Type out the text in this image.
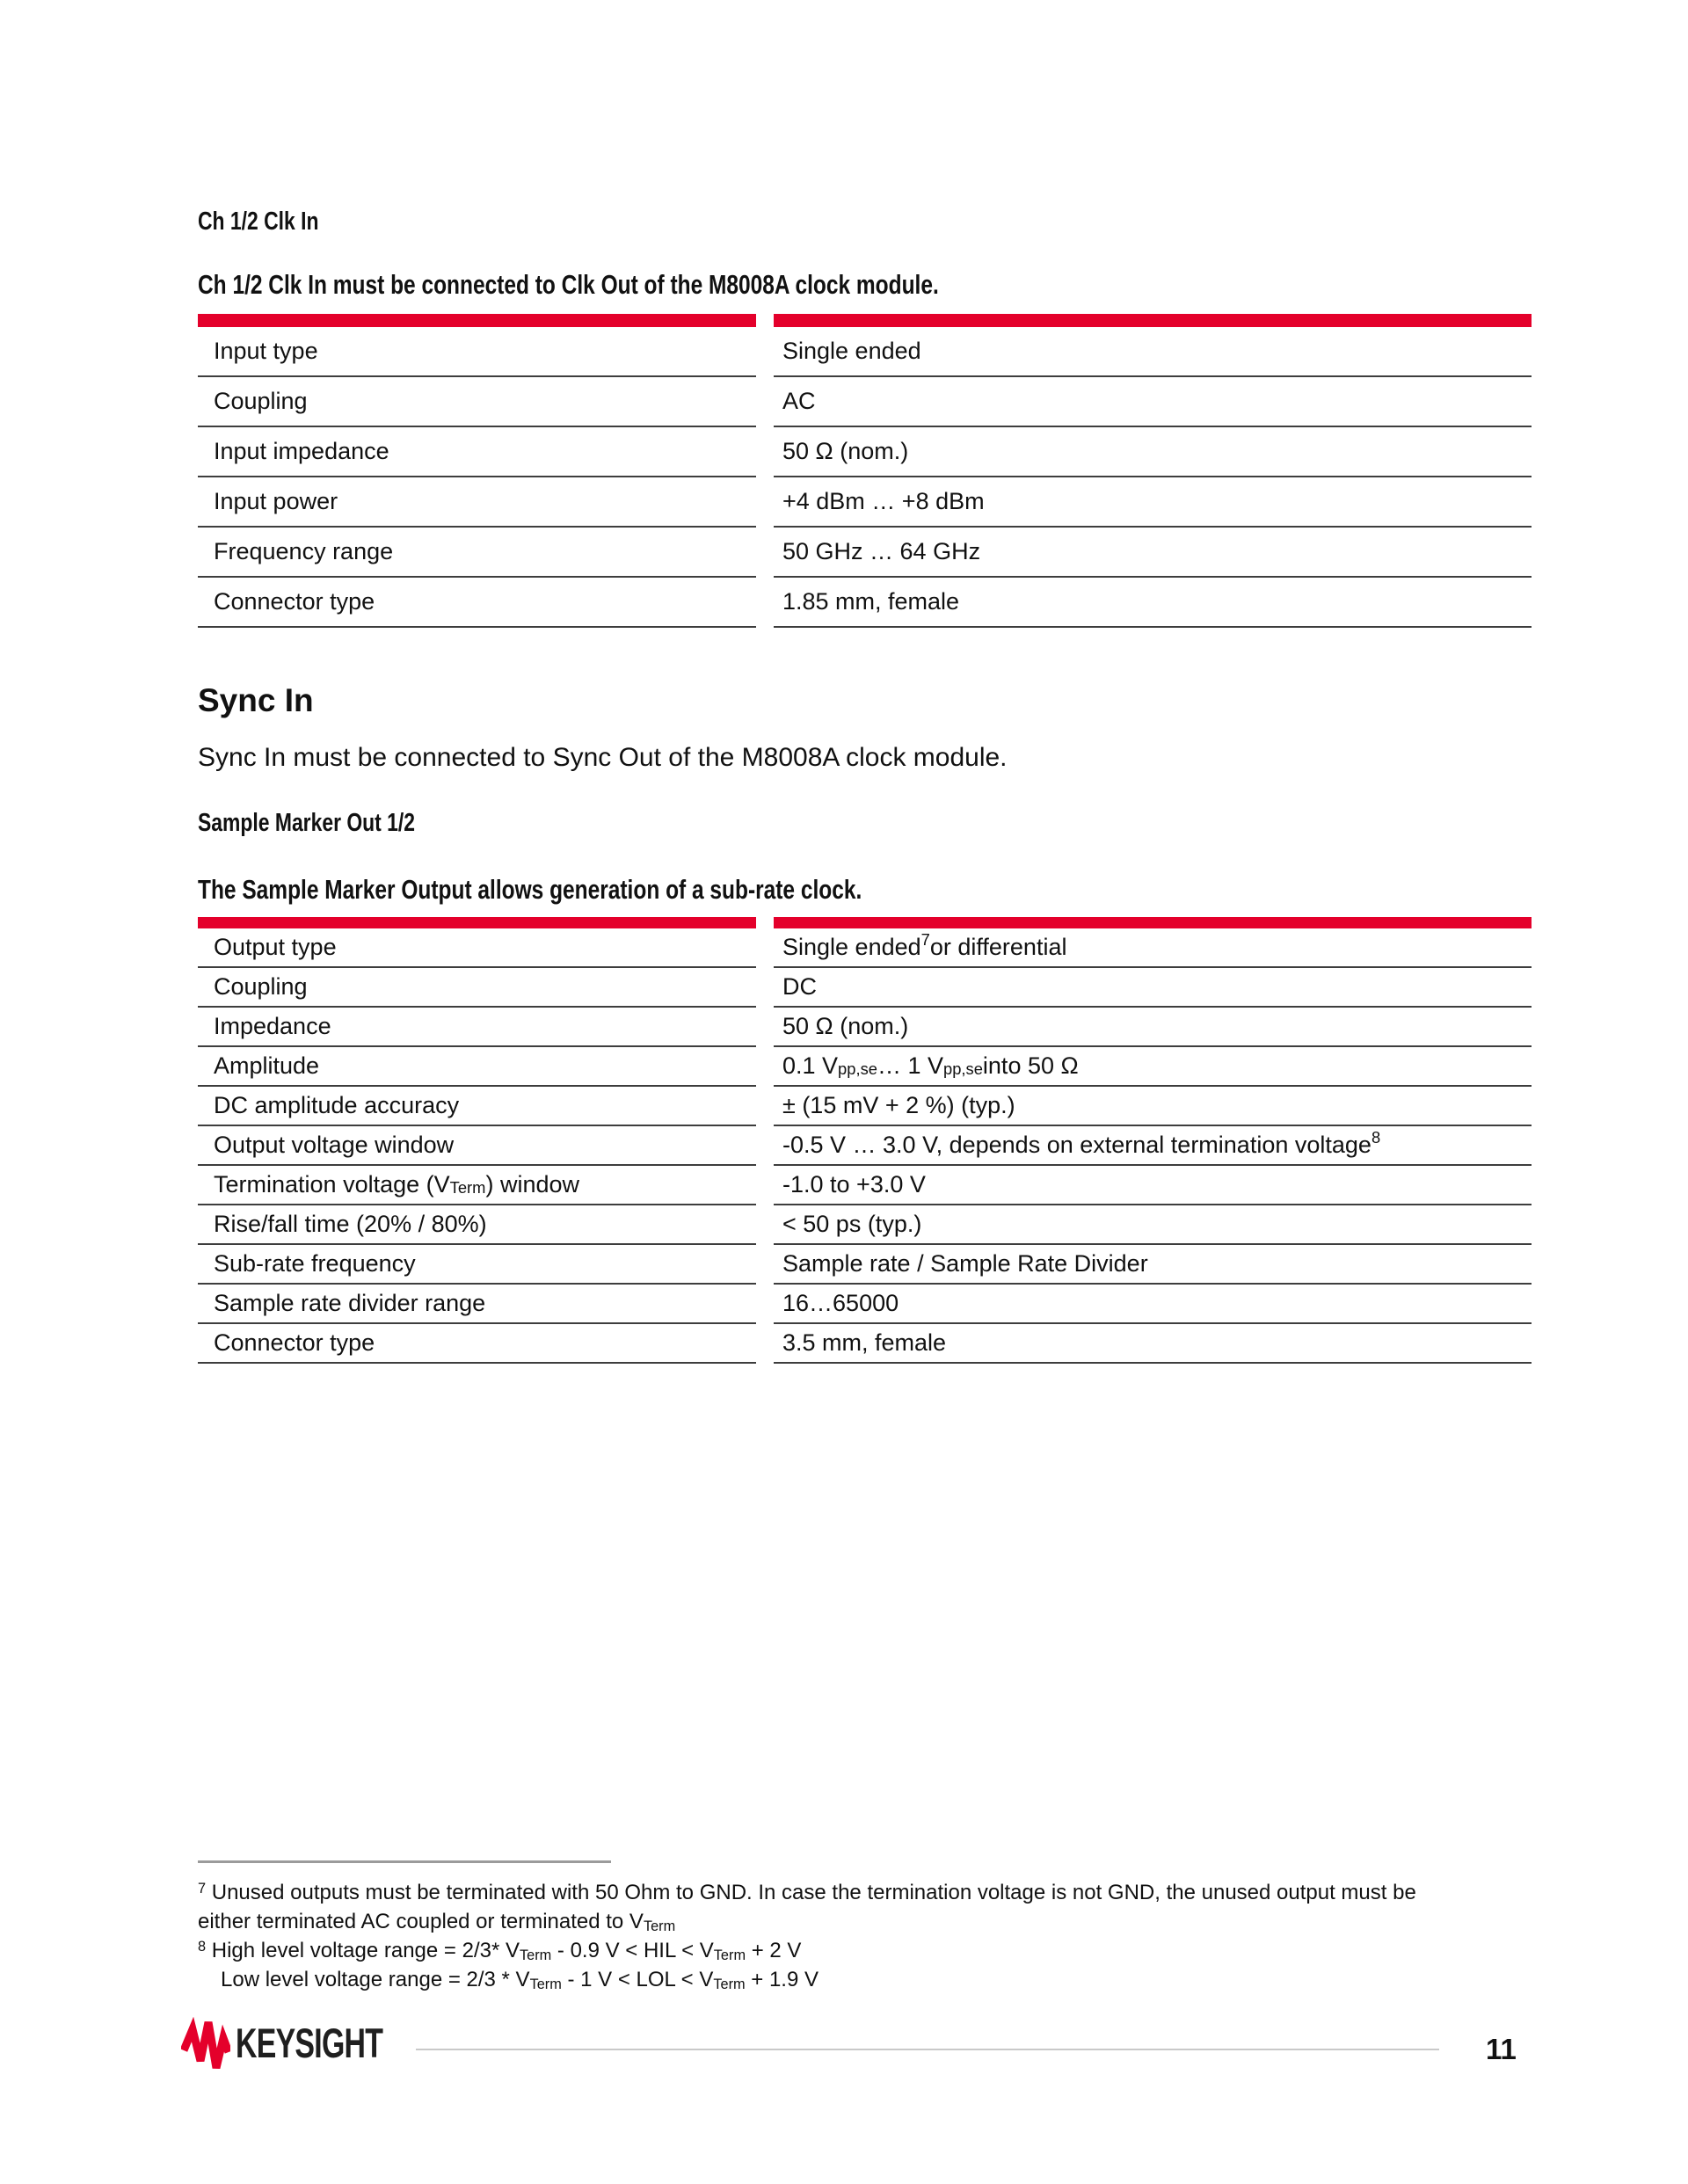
Ch 1/2 Clk In
Ch 1/2 Clk In must be connected to Clk Out of the M8008A clock module.
Input type	Single ended
Coupling	AC
Input impedance	50 Ω (nom.)
Input power	+4 dBm … +8 dBm
Frequency range	50 GHz … 64 GHz
Connector type	1.85 mm, female
Sync In
Sync In must be connected to Sync Out of the M8008A clock module.
Sample Marker Out 1/2
The Sample Marker Output allows generation of a sub-rate clock.
Output type	Single ended$^7$ or differential
Coupling	DC
Impedance	50 Ω (nom.)
Amplitude	0.1 $V_{pp,se}$ … 1 $V_{pp,se}$ into 50 Ω
DC amplitude accuracy	± (15 mV + 2 %) (typ.)
Output voltage window	-0.5 V … 3.0 V, depends on external termination voltage$^8$
Termination voltage ($V_{Term}$ ) window	-1.0 to +3.0 V
Rise/fall time (20% / 80%)	< 50 ps (typ.)
Sub-rate frequency	Sample rate / Sample Rate Divider
Sample rate divider range	16…65000
Connector type	3.5 mm, female
$^7$ Unused outputs must be terminated with 50 Ohm to GND. In case the termination voltage is not GND, the unused output must be
either terminated AC coupled or terminated to $V_{Term}$
$^8$ High level voltage range = 2/3* $V_{Term} - 0.9$ V < HIL < $V_{Term} + 2$ V
Low level voltage range = $2/3 * V_{Term} - 1$ V < LOL < $V_{Term} + 1.9$ V
KEYSIGHT	11
